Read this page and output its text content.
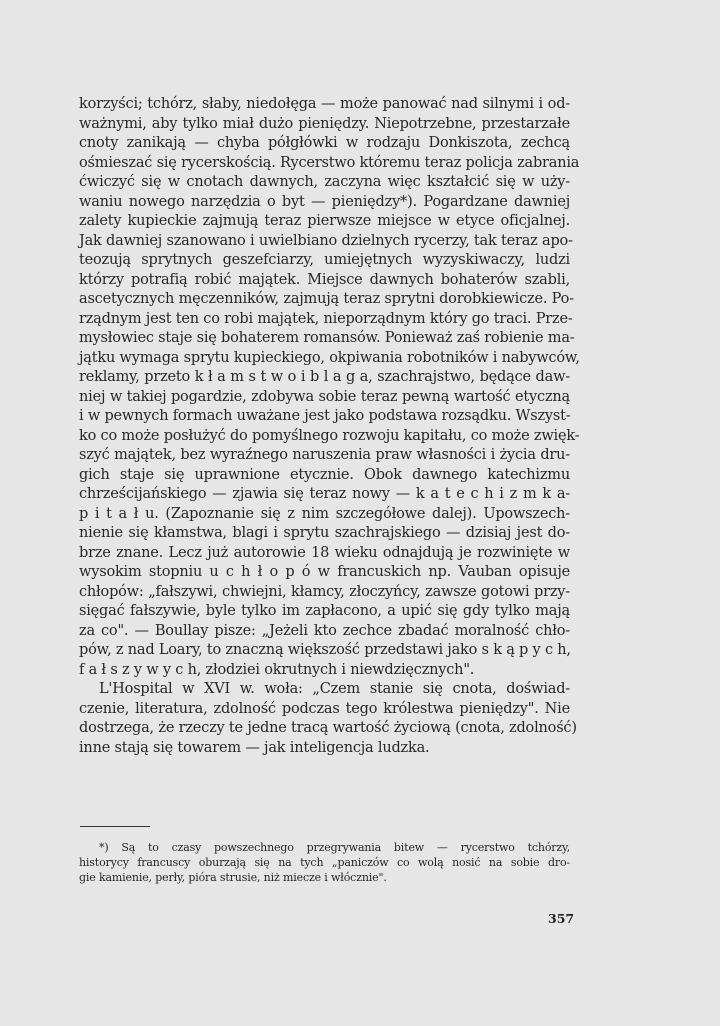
korzyści; tchórz, słaby, niedołęga — może panować nad silnymi i od-
ważnymi, aby tylko miał dużo pieniędzy. Niepotrzebne, przestarzałe
cnoty zanikają — chyba półgłówki w rodzaju Donkiszota, zechcą
ośmieszać się rycerskością. Rycerstwo któremu teraz policja zabrania
ćwiczyć się w cnotach dawnych, zaczyna więc kształcić się w uży-
waniu nowego narzędzia o byt — pieniędzy*). Pogardzane dawniej
zalety kupieckie zajmują teraz pierwsze miejsce w etyce oficjalnej.
Jak dawniej szanowano i uwielbiano dzielnych rycerzy, tak teraz apo-
teozują sprytnych geszefciarzy, umiejętnych wyzyskiwaczy, ludzi
którzy potrafią robić majątek. Miejsce dawnych bohaterów szabli,
ascetycznych męczenników, zajmują teraz sprytni dorobkiewicze. Po-
rządnym jest ten co robi majątek, nieporządnym który go traci. Prze-
mysłowiec staje się bohaterem romansów. Ponieważ zaś robienie ma-
jątku wymaga sprytu kupieckiego, okpiwania robotników i nabywców,
reklamy, przeto k ł a m s t w o i b l a g a, szachrajstwo, będące daw-
niej w takiej pogardzie, zdobywa sobie teraz pewną wartość etyczną
i w pewnych formach uważane jest jako podstawa rozsądku. Wszyst-
ko co może posłużyć do pomyślnego rozwoju kapitału, co może zwięk-
szyć majątek, bez wyraźnego naruszenia praw własności i życia dru-
gich staje się uprawnione etycznie. Obok dawnego katechizmu
chrześcijańskiego — zjawia się teraz nowy — k a t e c h i z m k a-
p i t a ł u. (Zapoznanie się z nim szczegółowe dalej). Upowszech-
nienie się kłamstwa, blagi i sprytu szachrajskiego — dzisiaj jest do-
brze znane. Lecz już autorowie 18 wieku odnajdują je rozwinięte w
wysokim stopniu u c h ł o p ó w francuskich np. Vauban opisuje
chłopów: „fałszywi, chwiejni, kłamcy, złoczyńcy, zawsze gotowi przy-
sięgać fałszywie, byle tylko im zapłacono, a upić się gdy tylko mają
za co". — Boullay pisze: „Jeżeli kto zechce zbadać moralność chło-
pów, z nad Loary, to znaczną większość przedstawi jako s k ą p y c h,
f a ł s z y w y c h, złodziei okrutnych i niewdzięcznych".
L'Hospital w XVI w. woła: „Czem stanie się cnota, doświad-
czenie, literatura, zdolność podczas tego królestwa pieniędzy". Nie
dostrzega, że rzeczy te jedne tracą wartość życiową (cnota, zdolność)
inne stają się towarem — jak inteligencja ludzka.
*) Są to czasy powszechnego przegrywania bitew — rycerstwo tchórzy,
historycy francuscy oburzają się na tych „paniczów co wolą nosić na sobie dro-
gie kamienie, perły, pióra strusie, niż miecze i włócznie".
357
